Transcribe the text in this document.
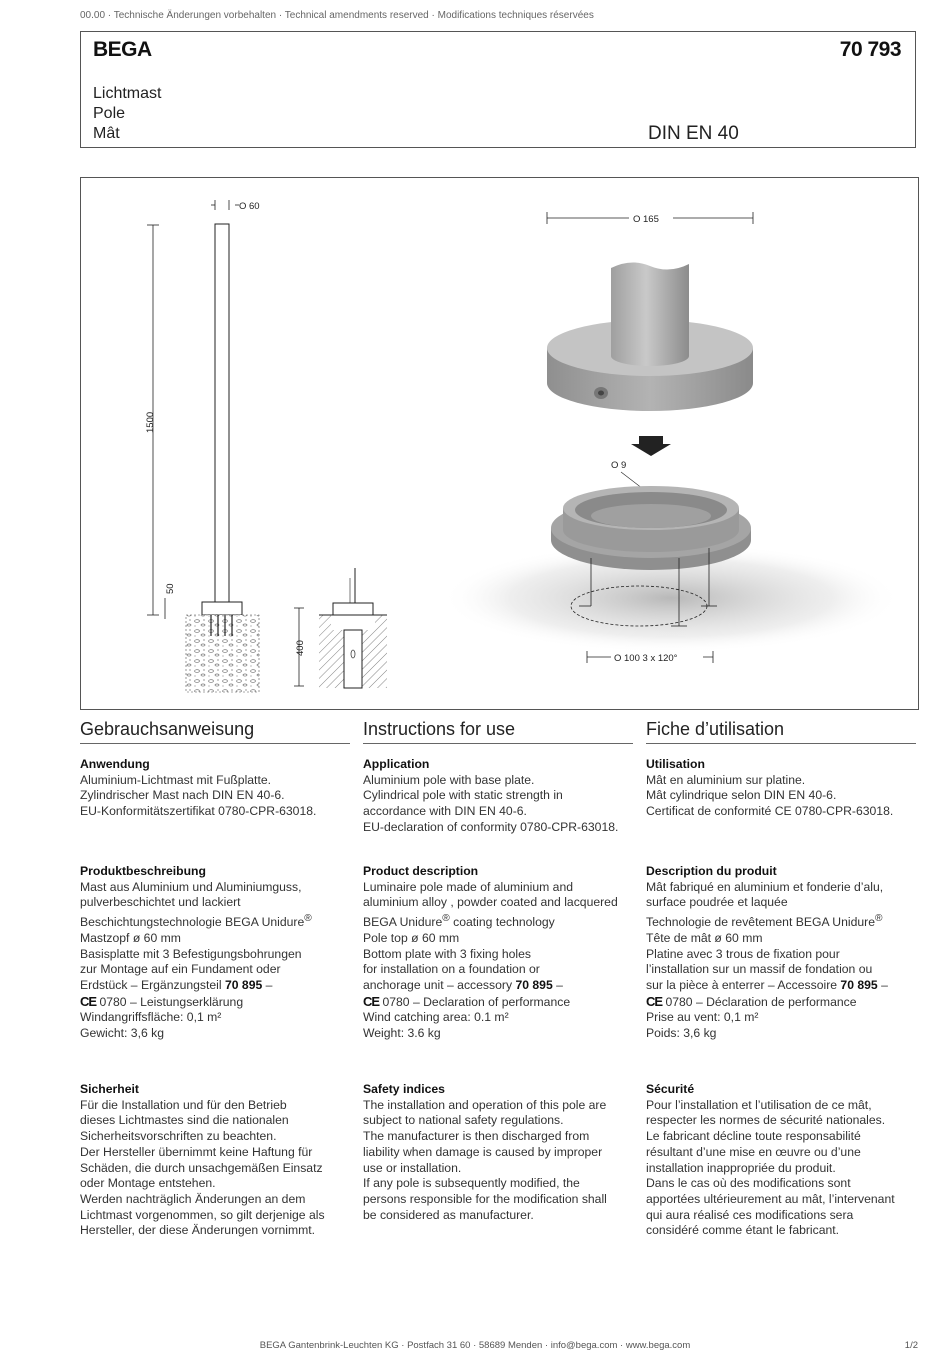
00.00 · Technische Änderungen vorbehalten · Technical amendments reserved · Modifications techniques réservées
BEGA	70 793
Lichtmast
Pole
Mât	DIN EN 40
O 60
1500
50
400
O 165
O 9
O 100 3 x 120°
Gebrauchsanweisung
Anwendung
Aluminium-Lichtmast mit Fußplatte.
Zylindrischer Mast nach DIN EN 40-6.
EU-Konformitätszertifikat 0780-CPR-63018.
Produktbeschreibung
Mast aus Aluminium und Aluminiumguss,
pulverbeschichtet und lackiert
Beschichtungstechnologie BEGA Unidure®
Mastzopf ø 60 mm
Basisplatte mit 3 Befestigungsbohrungen
zur Montage auf ein Fundament oder
Erdstück – Ergänzungsteil 70 895 –
CE 0780 – Leistungserklärung
Windangriffsfläche: 0,1 m²
Gewicht: 3,6 kg
Sicherheit
Für die Installation und für den Betrieb
dieses Lichtmastes sind die nationalen
Sicherheitsvorschriften zu beachten.
Der Hersteller übernimmt keine Haftung für
Schäden, die durch unsachgemäßen Einsatz
oder Montage entstehen.
Werden nachträglich Änderungen an dem
Lichtmast vorgenommen, so gilt derjenige als
Hersteller, der diese Änderungen vornimmt.
Instructions for use
Application
Aluminium pole with base plate.
Cylindrical pole with static strength in
accordance with DIN EN 40-6.
EU-declaration of conformity 0780-CPR-63018.
Product description
Luminaire pole made of aluminium and
aluminium alloy , powder coated and lacquered
BEGA Unidure® coating technology
Pole top ø 60 mm
Bottom plate with 3 fixing holes
for installation on a foundation or
anchorage unit – accessory 70 895 –
CE 0780 – Declaration of performance
Wind catching area: 0.1 m²
Weight: 3.6 kg
Safety indices
The installation and operation of this pole are
subject to national safety regulations.
The manufacturer is then discharged from
liability when damage is caused by improper
use or installation.
If any pole is subsequently modified, the
persons responsible for the modification shall
be considered as manufacturer.
Fiche d’utilisation
Utilisation
Mât en aluminium sur platine.
Mât cylindrique selon DIN EN 40-6.
Certificat de conformité CE 0780-CPR-63018.
Description du produit
Mât fabriqué en aluminium et fonderie d’alu,
surface poudrée et laquée
Technologie de revêtement BEGA Unidure®
Tête de mât ø 60 mm
Platine avec 3 trous de fixation pour
l’installation sur un massif de fondation ou
sur la pièce à enterrer – Accessoire 70 895 –
CE 0780 – Déclaration de performance
Prise au vent: 0,1 m²
Poids: 3,6 kg
Sécurité
Pour l’installation et l’utilisation de ce mât,
respecter les normes de sécurité nationales.
Le fabricant décline toute responsabilité
résultant d’une mise en œuvre ou d’une
installation inappropriée du produit.
Dans le cas où des modifications sont
apportées ultérieurement au mât, l’intervenant
qui aura réalisé ces modifications sera
considéré comme étant le fabricant.
BEGA Gantenbrink-Leuchten KG · Postfach 31 60 · 58689 Menden · info@bega.com · www.bega.com	1/2
